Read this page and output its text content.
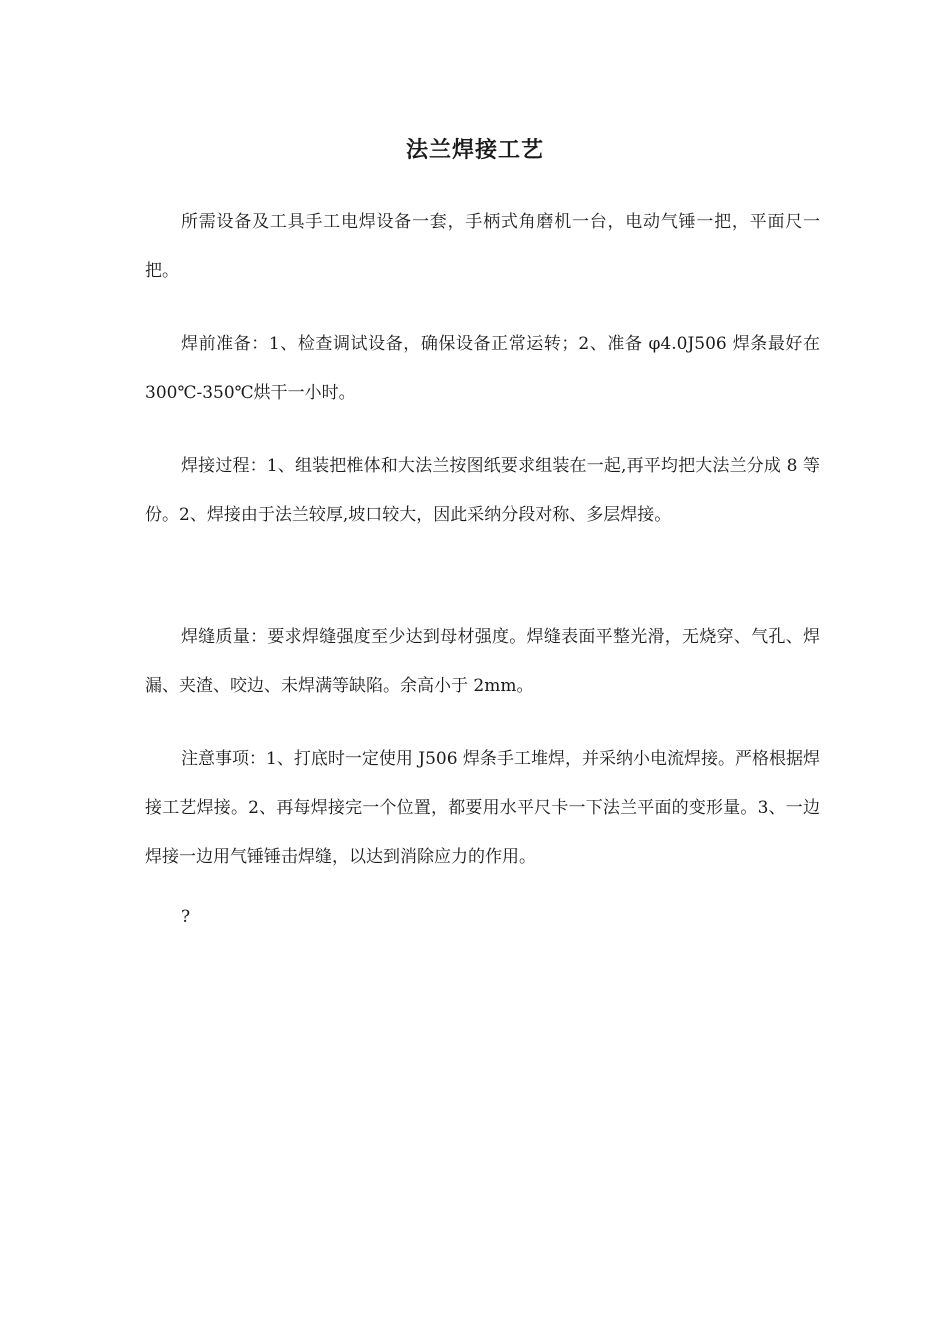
法兰焊接工艺

所需设备及工具手工电焊设备一套，手柄式角磨机一台，电动气锤一把，平面尺一把。

焊前准备：1、检查调试设备，确保设备正常运转；2、准备 φ4.0J506 焊条最好在 300℃-350℃烘干一小时。

焊接过程：1、组装把椎体和大法兰按图纸要求组装在一起,再平均把大法兰分成 8 等份。2、焊接由于法兰较厚,坡口较大，因此采纳分段对称、多层焊接。

焊缝质量：要求焊缝强度至少达到母材强度。焊缝表面平整光滑，无烧穿、气孔、焊漏、夹渣、咬边、未焊满等缺陷。余高小于 2mm。

注意事项：1、打底时一定使用 J506 焊条手工堆焊，并采纳小电流焊接。严格根据焊接工艺焊接。2、再每焊接完一个位置，都要用水平尺卡一下法兰平面的变形量。3、一边焊接一边用气锤锤击焊缝，以达到消除应力的作用。

?
